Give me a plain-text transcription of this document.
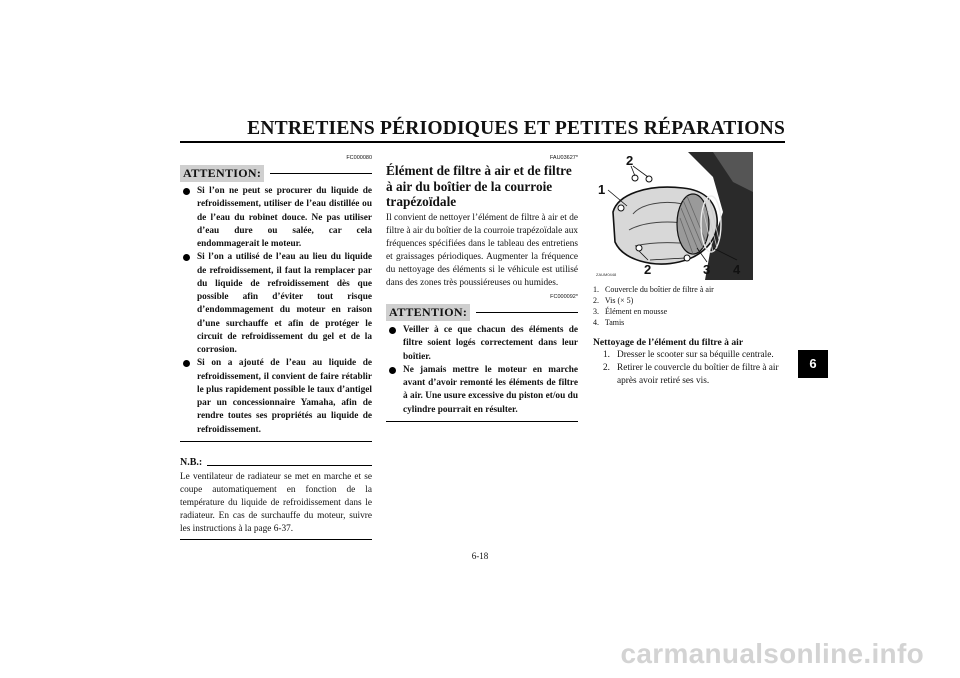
ENTRETIENS PÉRIODIQUES ET PETITES RÉPARATIONS
6
FC000080
ATTENTION:
Si l’on ne peut se procurer du liquide de refroidissement, utiliser de l’eau distillée ou de l’eau du robinet douce. Ne pas utiliser d’eau dure ou salée, car cela endommagerait le moteur.
Si l’on a utilisé de l’eau au lieu du liquide de refroidissement, il faut la remplacer par du liquide de refroidissement dès que possible afin d’éviter tout risque d’endommagement du moteur en raison d’une surchauffe et afin de protéger le circuit de refroidissement du gel et de la corrosion.
Si on a ajouté de l’eau au liquide de refroidissement, il convient de faire rétablir le plus rapidement possible le taux d’antigel par un concessionnaire Yamaha, afin de rendre toutes ses propriétés au liquide de refroidissement.
N.B.:

Le ventilateur de radiateur se met en marche et se coupe automatiquement en fonction de la température du liquide de refroidissement dans le radiateur. En cas de surchauffe du moteur, suivre les instructions à la page 6-37.

FAU03627*
Élément de filtre à air et de filtre à air du boîtier de la courroie trapézoïdale

Il convient de nettoyer l’élément de filtre à air et de filtre à air du boîtier de la courroie trapézoïdale aux fréquences spécifiées dans le tableau des entretiens et graissages périodiques. Augmenter la fréquence du nettoyage des éléments si le véhicule est utilisé dans des zones très poussiéreuses ou humides.

FC000092*
ATTENTION:
Veiller à ce que chacun des éléments de filtre soient logés correctement dans leur boîtier.
Ne jamais mettre le moteur en marche avant d’avoir remonté les éléments de filtre à air. Une usure excessive du piston et/ou du cylindre pourrait en résulter.
2
1
2	3 4
ZAUM0448
1. Couvercle du boîtier de filtre à air
2. Vis (× 5)
3. Élément en mousse
4. Tamis
Nettoyage de l’élément du filtre à air
1. Dresser le scooter sur sa béquille centrale.
2. Retirer le couvercle du boîtier de filtre à air après avoir retiré ses vis.
6-18
carmanualsonline.info
